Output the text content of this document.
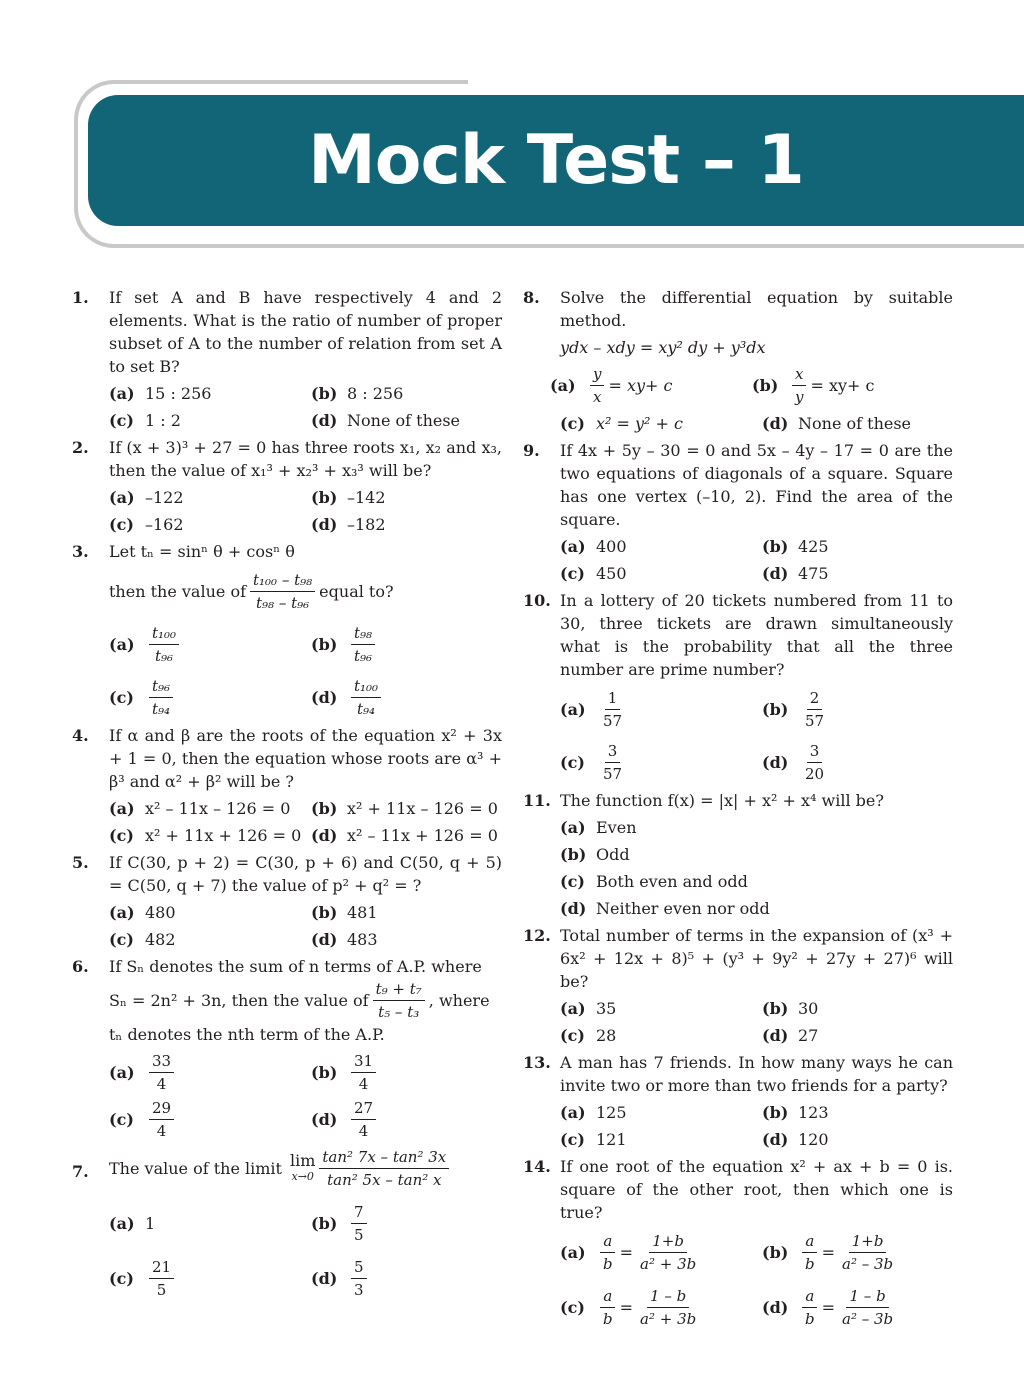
Mock Test – 1
1. If set A and B have respectively 4 and 2 elements. What is the ratio of number of proper subset of A to the number of relation from set A to set B?
(a) 15 : 256	(b) 8 : 256
(c) 1 : 2	(d) None of these
2. If (x + 3)³ + 27 = 0 has three roots x₁, x₂ and x₃, then the value of x₁³ + x₂³ + x₃³ will be?
(a) –122	(b) –142
(c) –162	(d) –182
3. Let tₙ = sinⁿ θ + cosⁿ θ
then the value of $\frac{\text{t₁₀₀ – t₉₈}}{\text{t₉₈ – t₉₆}}$ equal to?
$(a) \frac{\text{t₁₀₀}}{\text{t₉₆}}$	$(b) \frac{\text{t₉₈}}{\text{t₉₆}}$
(c)	$\frac{\text{t₉₆}}{\text{t₉₄}}$	$(d) \frac{\text{t₁₀₀}}{\text{t₉₄}}$
4. If α and β are the roots of the equation x² + 3x + 1 = 0, then the equation whose roots are α³ + β³ and α² + β² will be ?
(a) x² – 11x – 126 = 0 (b) x² + 11x – 126 = 0
(c) x² + 11x + 126 = 0 (d) x² – 11x + 126 = 0
5. If C(30, p + 2) = C(30, p + 6) and C(50, q + 5) = C(50, q + 7) the value of p² + q² = ?
(a) 480	(b) 481
(c) 482	(d) 483
6. If Sₙ denotes the sum of n terms of A.P. where
Sₙ = 2n² + 3n, then the value of $\frac{\text{t₉ + t₇}}{\text{t₅ – t₃}}$ , where
tₙ denotes the nth term of the A.P.
$(a) \frac{33}{4}$	$(b) \frac{31}{4}$
(c)	$\frac{29}{4}$	$(d) \frac{27}{4}$
7. The value of the limit lim
$x\to 0 \frac{\text{tan² 7x – tan² 3x}}{\text{tan² 5x – tan² x}}$
(a) 1	$(b) \frac{7}{5}$
(c)	$\frac{21}{5}$	$(d) \frac{5}{3}$
8. Solve the differential equation by suitable method.
ydx – xdy = xy² dy + y³dx
$(a) \frac{y}{x} = xy+ c$	$(b) \frac{x}{y} = xy+ c$
(c) x² = y² + c	(d) None of these
9. If 4x + 5y – 30 = 0 and 5x – 4y – 17 = 0 are the two equations of diagonals of a square. Square has one vertex (–10, 2). Find the area of the square.
(a) 400	(b) 425
(c) 450	(d) 475
10. In a lottery of 20 tickets numbered from 11 to 30, three tickets are drawn simultaneously what is the probability that all the three number are prime number?
$(a) \frac{1}{57}$	$(b) \frac{2}{57}$
(c)	$\frac{3}{57}$	$(d) \frac{3}{20}$
11. The function f(x) = |x| + x² + x⁴ will be?
(a) Even
(b) Odd
(c) Both even and odd
(d) Neither even nor odd
12. Total number of terms in the expansion of (x³ + 6x² + 12x + 8)⁵ + (y³ + 9y² + 27y + 27)⁶ will be?
(a) 35	(b) 30
(c) 28	(d) 27
13. A man has 7 friends. In how many ways he can invite two or more than two friends for a party?
(a) 125	(b) 123
(c) 121	(d) 120
14. If one root of the equation x² + ax + b = 0 is. square of the other root, then which one is true?
$(a) \frac{a}{b} = \frac{1+b}{\text{a² + 3b}}$	$(b) \frac{a}{b} = \frac{1+b}{\text{a² – 3b}}$
(c)	$\frac{a}{b} = \frac{1 - b}{\text{a² + 3b}}$	$(d) \frac{a}{b} = \frac{1 - b}{\text{a² – 3b}}$
